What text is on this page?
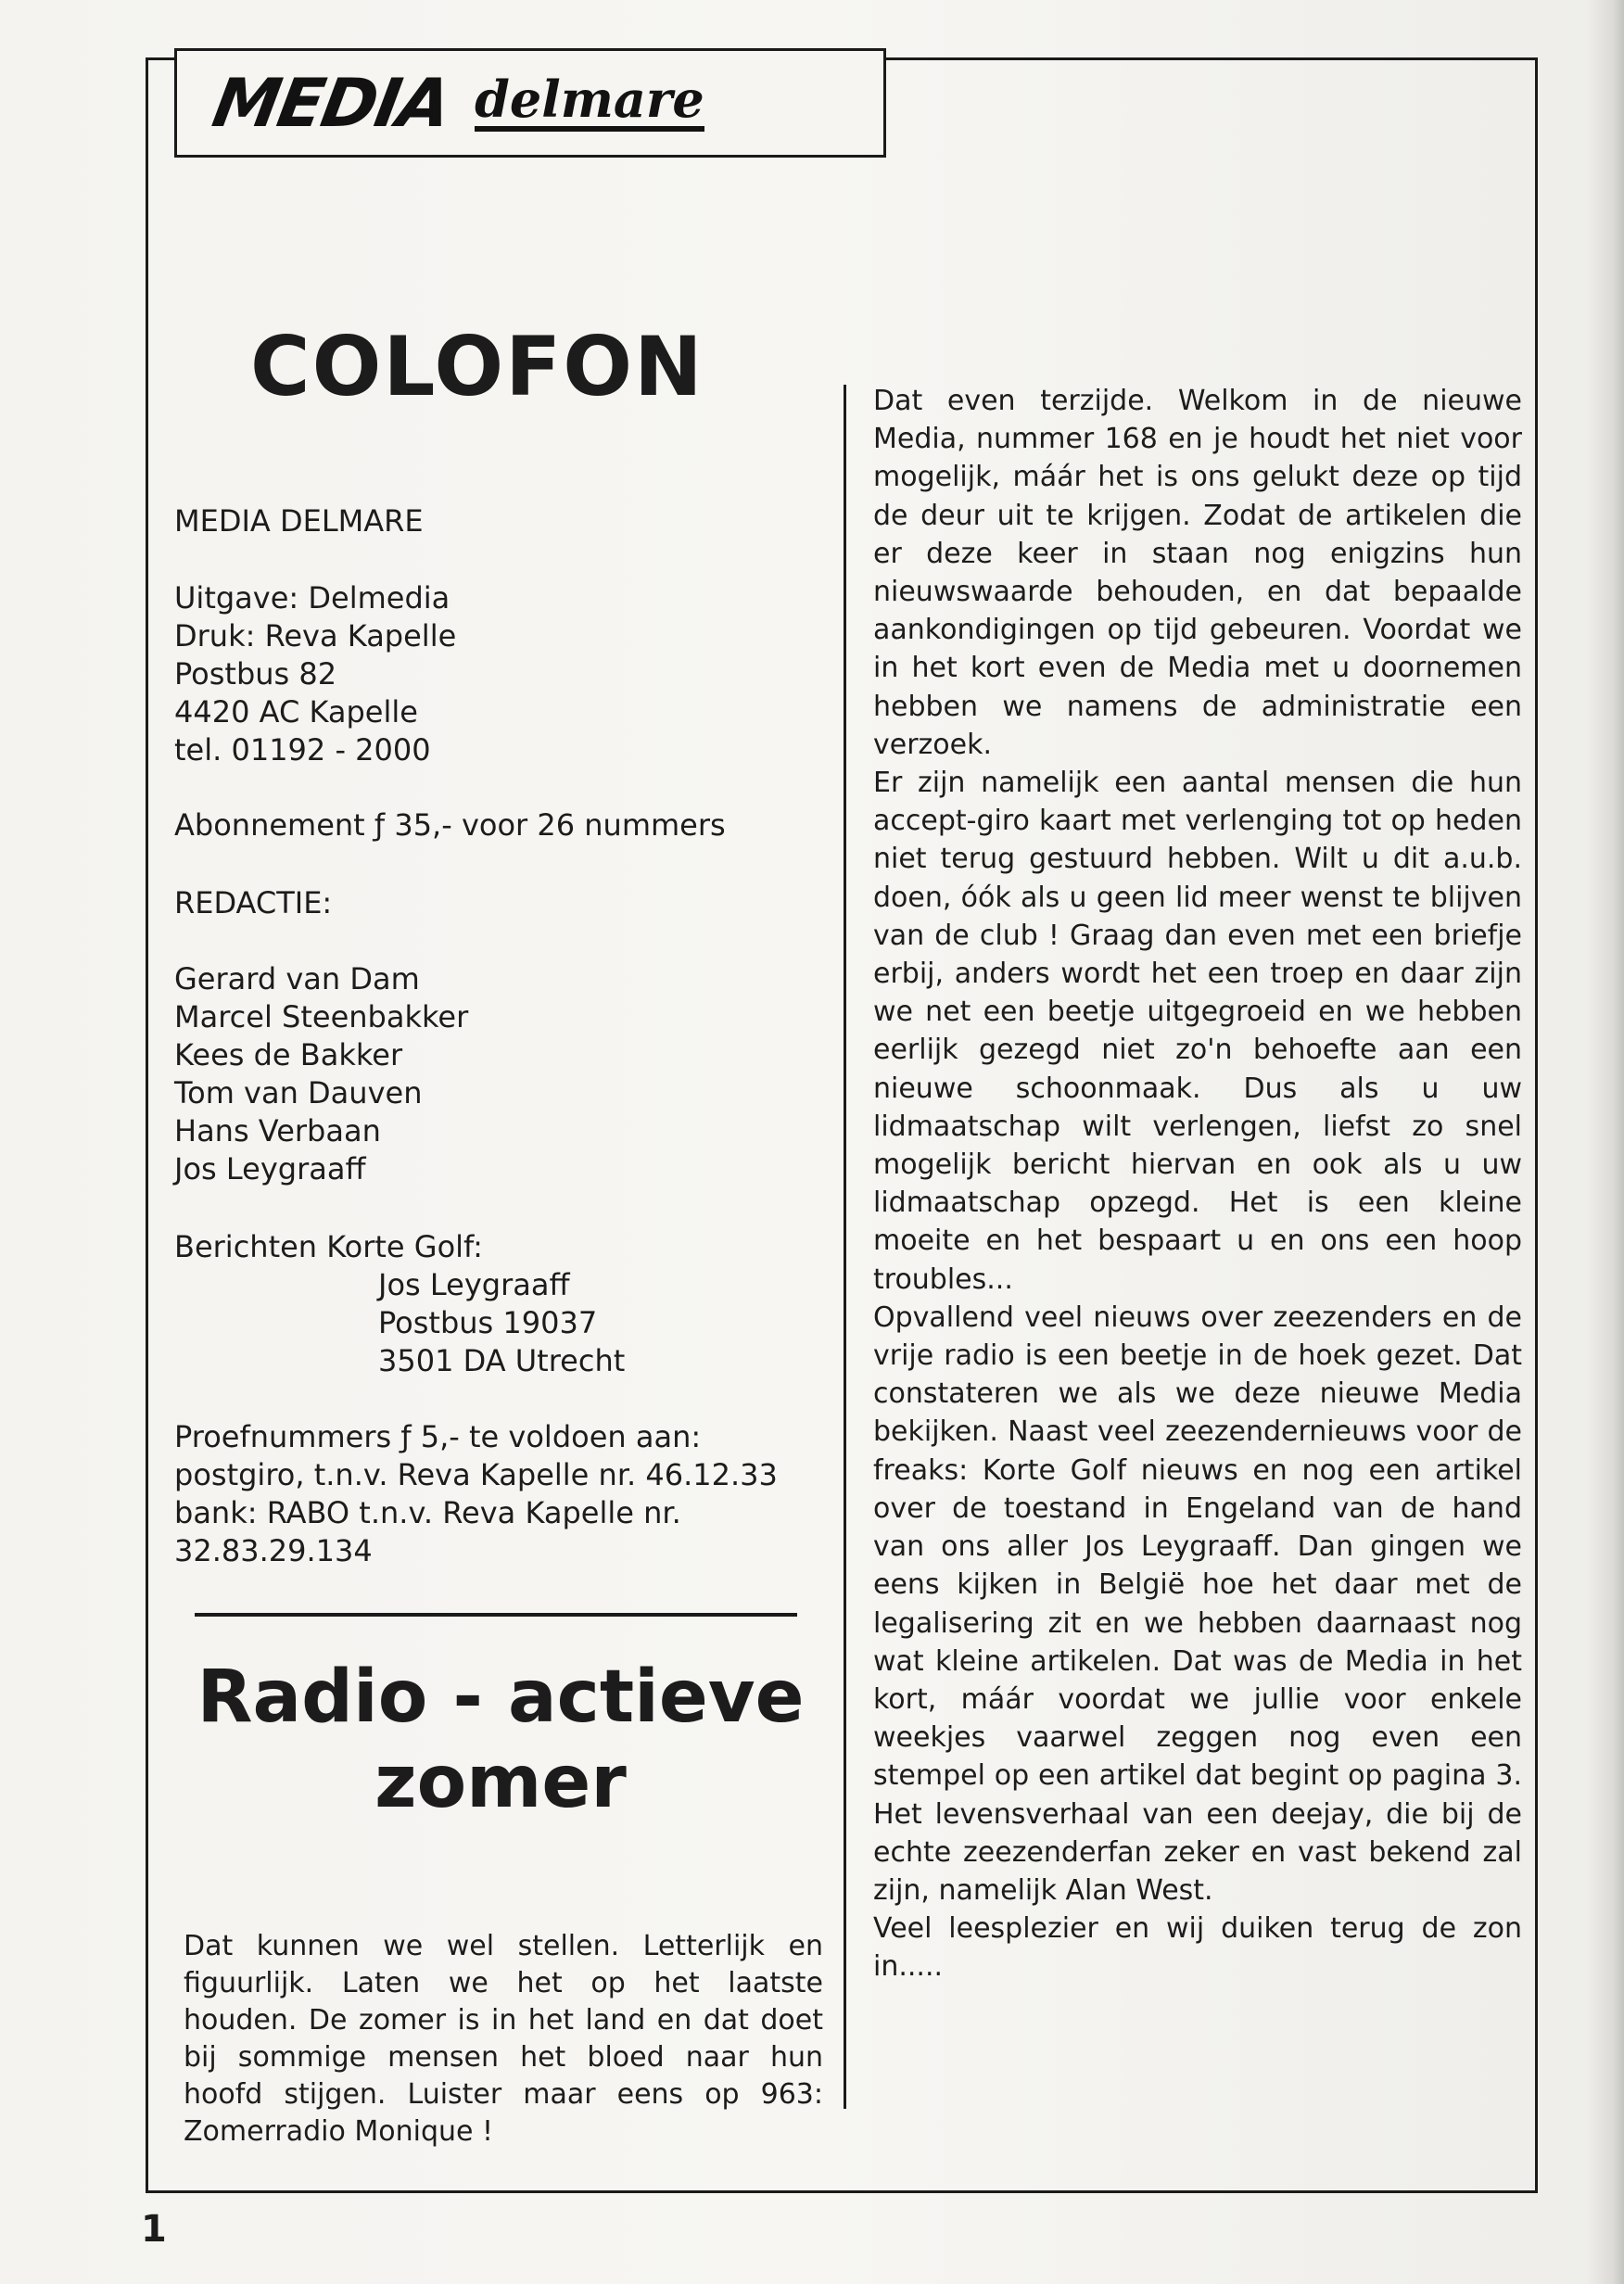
MEDIA delmare
COLOFON
MEDIA DELMARE
Uitgave: Delmedia
Druk: Reva Kapelle
Postbus 82
4420 AC Kapelle
tel. 01192 - 2000
Abonnement ƒ 35,- voor 26 nummers
REDACTIE:
Gerard van Dam
Marcel Steenbakker
Kees de Bakker
Tom van Dauven
Hans Verbaan
Jos Leygraaff
Berichten Korte Golf:
Jos Leygraaff
Postbus 19037
3501 DA Utrecht
Proefnummers ƒ 5,- te voldoen aan:
postgiro, t.n.v. Reva Kapelle nr. 46.12.33
bank: RABO t.n.v. Reva Kapelle nr.
32.83.29.134
Radio - actieve
zomer

Dat kunnen we wel stellen. Letterlijk en figuurlijk. Laten we het op het laatste houden. De zomer is in het land en dat doet bij sommige mensen het bloed naar hun hoofd stijgen. Luister maar eens op 963: Zomerradio Monique !

Dat even terzijde. Welkom in de nieuwe Media, nummer 168 en je houdt het niet voor mogelijk, máár het is ons gelukt deze op tijd de deur uit te krijgen. Zodat de artikelen die er deze keer in staan nog enigzins hun nieuwswaarde behouden, en dat bepaalde aankondigingen op tijd gebeuren. Voordat we in het kort even de Media met u doornemen hebben we namens de administratie een verzoek.

Er zijn namelijk een aantal mensen die hun accept-giro kaart met verlenging tot op heden niet terug gestuurd hebben. Wilt u dit a.u.b. doen, óók als u geen lid meer wenst te blijven van de club ! Graag dan even met een briefje erbij, anders wordt het een troep en daar zijn we net een beetje uitgegroeid en we hebben eerlijk gezegd niet zo'n behoefte aan een nieuwe schoonmaak. Dus als u uw lidmaatschap wilt verlengen, liefst zo snel mogelijk bericht hiervan en ook als u uw lidmaatschap opzegd. Het is een kleine moeite en het bespaart u en ons een hoop troubles...

Opvallend veel nieuws over zeezenders en de vrije radio is een beetje in de hoek gezet. Dat constateren we als we deze nieuwe Media bekijken. Naast veel zeezendernieuws voor de freaks: Korte Golf nieuws en nog een artikel over de toestand in Engeland van de hand van ons aller Jos Leygraaff. Dan gingen we eens kijken in België hoe het daar met de legalisering zit en we hebben daarnaast nog wat kleine artikelen. Dat was de Media in het kort, máár voordat we jullie voor enkele weekjes vaarwel zeggen nog even een stempel op een artikel dat begint op pagina 3. Het levensverhaal van een deejay, die bij de echte zeezenderfan zeker en vast bekend zal zijn, namelijk Alan West.

Veel leesplezier en wij duiken terug de zon in.....

1
